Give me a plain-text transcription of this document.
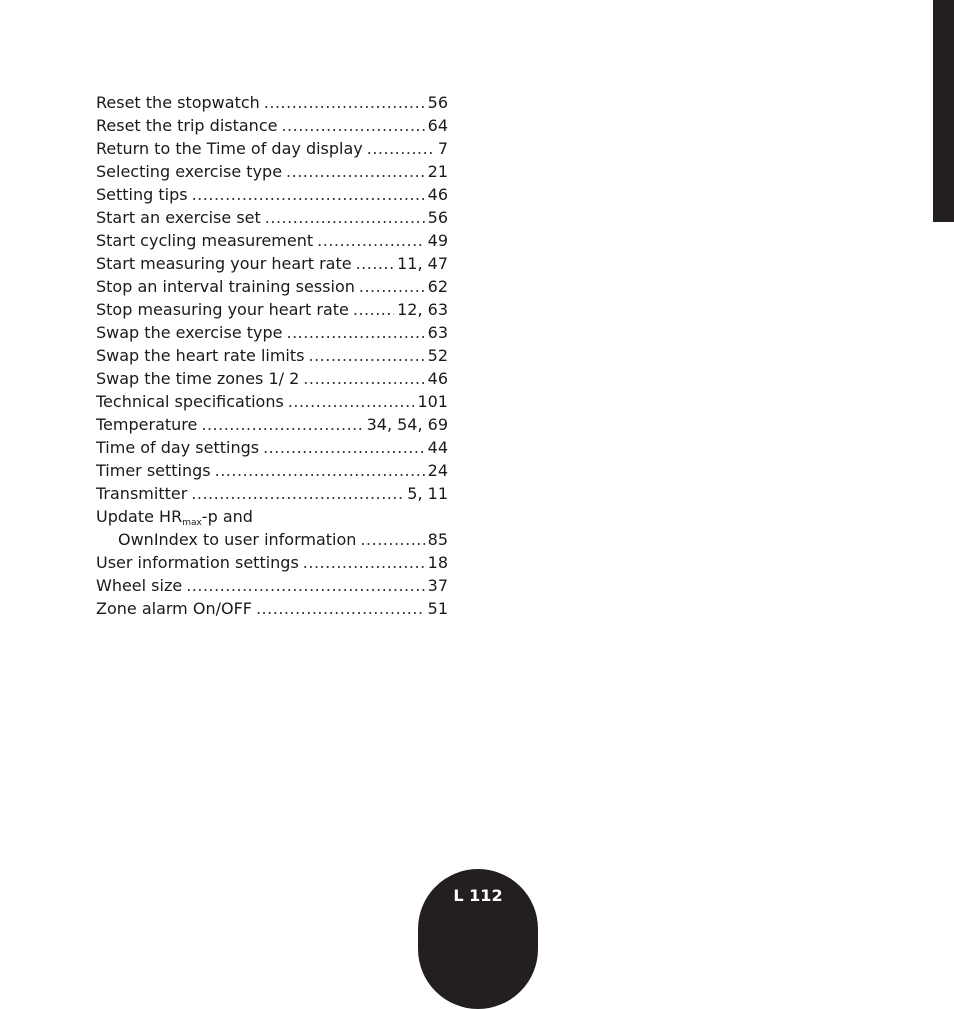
Reset the stopwatch .....	56
Reset the trip distance .....	64
Return to the Time of day display .....	7
Selecting exercise type .....	21
Setting tips .....	46
Start an exercise set .....	56
Start cycling measurement .....	49
Start measuring your heart rate .....	11, 47
Stop an interval training session .....	62
Stop measuring your heart rate .....	12, 63
Swap the exercise type .....	63
Swap the heart rate limits .....	52
Swap the time zones 1/ 2 .....	46
Technical specifications .....	101
Temperature .....	34, 54, 69
Time of day settings .....	44
Timer settings .....	24
Transmitter .....	5, 11
Update $HR_{max}-p$ and
OwnIndex to user information .....	85
User information settings .....	18
Wheel size .....	37
Zone alarm On/OFF .....	51
L 112
